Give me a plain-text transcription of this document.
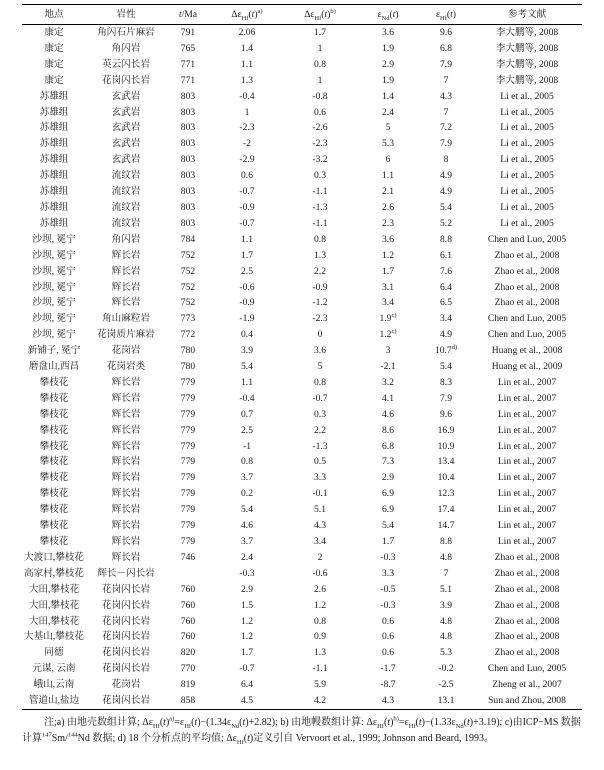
地点	岩性	t/Ma	$\Delta\varepsilon_{Hf}(t)^{a)}$	$\Delta\varepsilon_{Hf}(t)^{b)}$	$\varepsilon_{Nd}(t)$	$\varepsilon_{Hf}(t)$	参考文献
康定	角闪石片麻岩	791	2.06	1.7	3.6	9.6	李大鹏等, 2008
康定	角闪岩	765	1.4	1	1.9	6.8	李大鹏等, 2008
康定	英云闪长岩	771	1.1	0.8	2.9	7.9	李大鹏等, 2008
康定	花岗闪长岩	771	1.3	1	1.9	7	李大鹏等, 2008
苏雄组	玄武岩	803	-0.4	-0.8	1.4	4.3	Li et al., 2005
苏雄组	玄武岩	803	1	0.6	2.4	7	Li et al., 2005
苏雄组	玄武岩	803	-2.3	-2.6	5	7.2	Li et al., 2005
苏雄组	玄武岩	803	-2	-2.3	5.3	7.9	Li et al., 2005
苏雄组	玄武岩	803	-2.9	-3.2	6	8	Li et al., 2005
苏雄组	流纹岩	803	0.6	0.3	1.1	4.9	Li et al., 2005
苏雄组	流纹岩	803	-0.7	-1.1	2.1	4.9	Li et al., 2005
苏雄组	流纹岩	803	-0.9	-1.3	2.6	5.4	Li et al., 2005
苏雄组	流纹岩	803	-0.7	-1.1	2.3	5.2	Li et al., 2005
沙坝, 冕宁	角闪岩	784	1.1	0.8	3.6	8.8	Chen and Luo, 2005
沙坝, 冕宁	辉长岩	752	1.7	1.3	1.2	6.1	Zhao et al., 2008
沙坝, 冕宁	辉长岩	752	2.5	2.2	1.7	7.6	Zhao et al., 2008
沙坝, 冕宁	辉长岩	752	-0.6	-0.9	3.1	6.4	Zhao et al., 2008
沙坝, 冕宁	辉长岩	752	-0.9	-1.2	3.4	6.5	Zhao et al., 2008
沙坝, 冕宁	角山麻粒岩	773	-1.9	-2.3	1.9$^{c)}$	3.4	Chen and Luo, 2005
沙坝, 冕宁	花岗质片麻岩	772	0.4	0	1.2$^{c)}$	4.9	Chen and Luo, 2005
新铺子, 冕宁	花岗岩	780	3.9	3.6	3	10.7$^{d)}$	Huang et al., 2008
磨盘山,西昌	花岗岩类	780	5.4	5	-2.1	5.4	Huang et al., 2009
攀枝花	辉长岩	779	1.1	0.8	3.2	8.3	Lin et al., 2007
攀枝花	辉长岩	779	-0.4	-0.7	4.1	7.9	Lin et al., 2007
攀枝花	辉长岩	779	0.7	0.3	4.6	9.6	Lin et al., 2007
攀枝花	辉长岩	779	2.5	2.2	8.6	16.9	Lin et al., 2007
攀枝花	辉长岩	779	-1	-1.3	6.8	10.9	Lin et al., 2007
攀枝花	辉长岩	779	0.8	0.5	7.3	13.4	Lin et al., 2007
攀枝花	辉长岩	779	3.7	3.3	2.9	10.4	Lin et al., 2007
攀枝花	辉长岩	779	0.2	-0.1	6.9	12.3	Lin et al., 2007
攀枝花	辉长岩	779	5.4	5.1	6.9	17.4	Lin et al., 2007
攀枝花	辉长岩	779	4.6	4.3	5.4	14.7	Lin et al., 2007
攀枝花	辉长岩	779	3.7	3.4	1.7	8.8	Lin et al., 2007
大渡口,攀枝花	辉长岩	746	2.4	2	-0.3	4.8	Zhao et al., 2008
高家村,攀枝花	辉长－闪长岩		-0.3	-0.6	3.3	7	Zhao et al., 2008
大田,攀枝花	花岗闪长岩	760	2.9	2.6	-0.5	5.1	Zhao et al., 2008
大田,攀枝花	花岗闪长岩	760	1.5	1.2	-0.3	3.9	Zhao et al., 2008
大田,攀枝花	花岗闪长岩	760	1.2	0.8	0.6	4.8	Zhao et al., 2008
大基山,攀枝花	花岗闪长岩	760	1.2	0.9	0.6	4.8	Zhao et al., 2008
同德	花岗闪长岩	820	1.7	1.3	0.6	5.3	Zhao et al., 2008
元谋, 云南	花岗闪长岩	770	-0.7	-1.1	-1.7	-0.2	Chen and Luo, 2005
峨山,云南	花岗岩	819	6.4	5.9	-8.7	-2.5	Zheng et al., 2007
管道山,盐边	花岗闪长岩	858	4.5	4.2	4.3	13.1	Sun and Zhou, 2008
注;a) 由地壳数组计算; $\Delta\varepsilon_{Hf}(t)^{a)}=\varepsilon_{Hf}(t)-(1.34\varepsilon_{Nd}(t)+2.82)$; b) 由地幔数组计算: $\Delta\varepsilon_{Hf}(t)^{b)}=\varepsilon_{Hf}(t)-(1.33\varepsilon_{Nd}(t)+3.19)$; c)由ICP−MS 数据计算$^{147}$Sm/$^{144}$Nd 数据; d) 18 个分析点的平均值; $\Delta\varepsilon_{Hf}(t)$定义引自 Vervoort et al., 1999; Johnson and Beard, 1993。
